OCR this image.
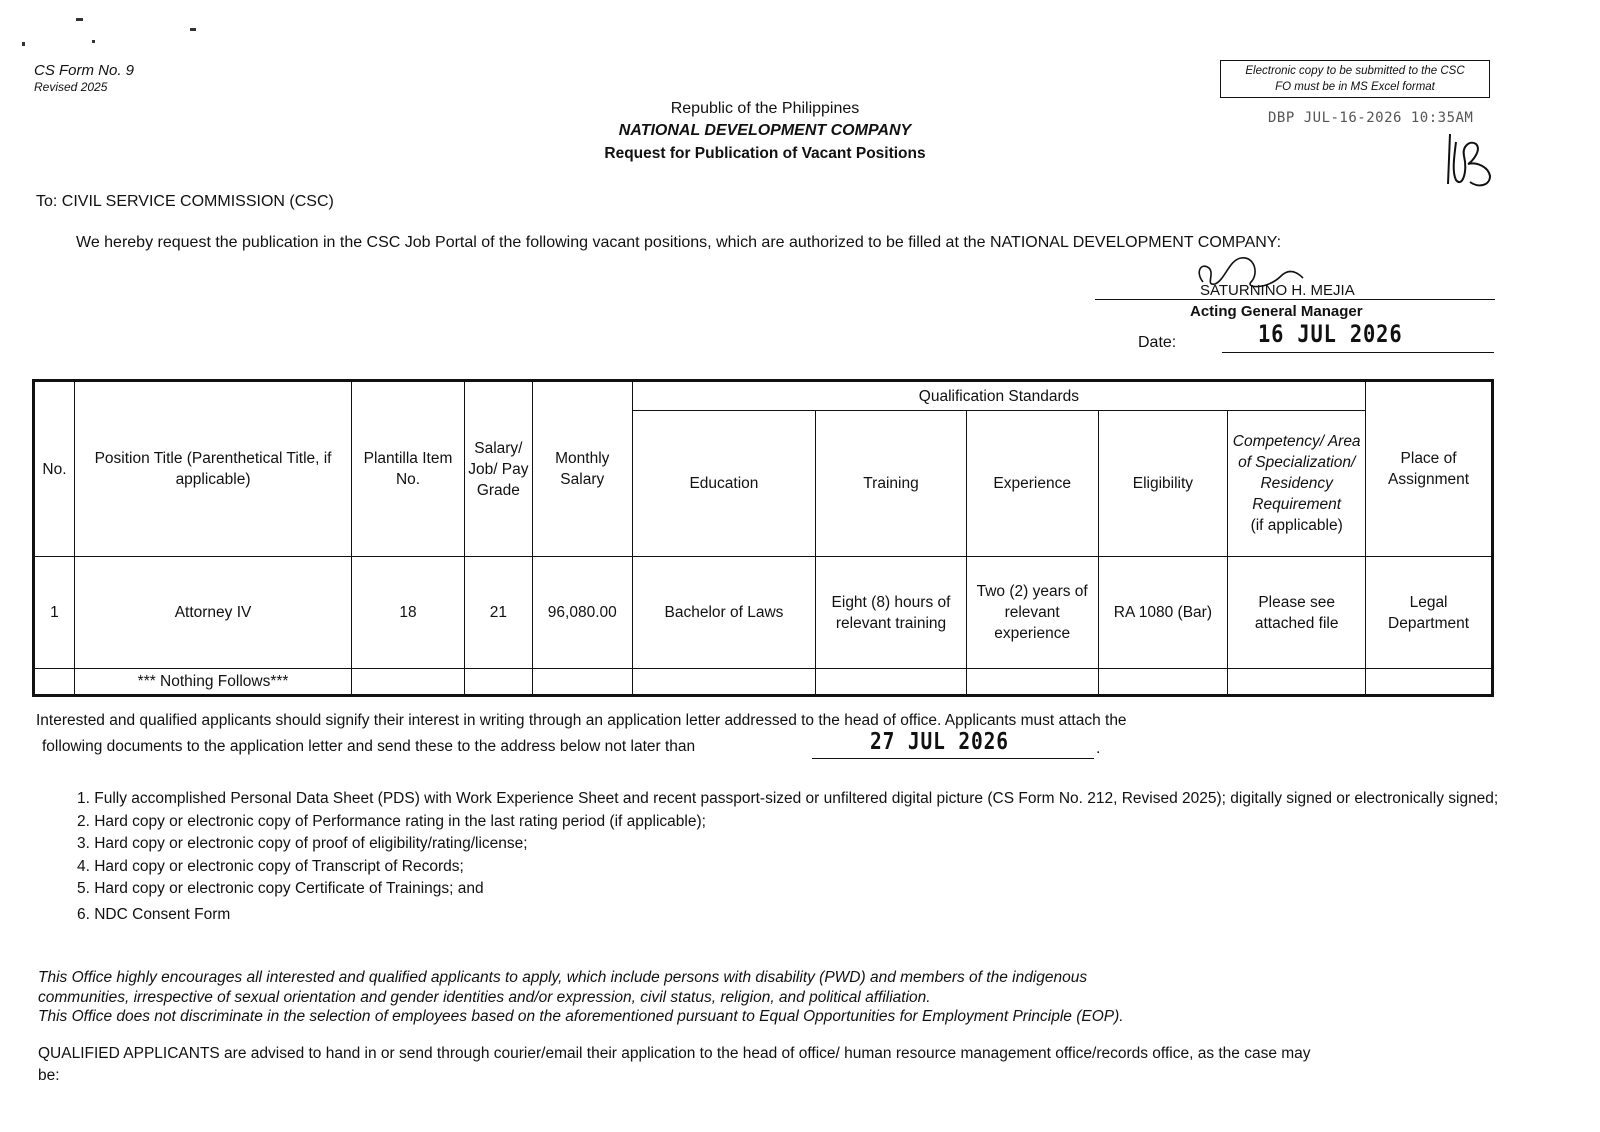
CS Form No. 9
Revised 2025
Electronic copy to be submitted to the CSC
FO must be in MS Excel format
DBP JUL-16-2026 10:35AM
Republic of the Philippines
NATIONAL DEVELOPMENT COMPANY
Request for Publication of Vacant Positions
To: CIVIL SERVICE COMMISSION (CSC)
We hereby request the publication in the CSC Job Portal of the following vacant positions, which are authorized to be filled at the NATIONAL DEVELOPMENT COMPANY:
SATURNINO H. MEJIA
Acting General Manager
Date:	16 JUL 2026
No.	Position Title (Parenthetical Title, if applicable)	Plantilla Item No.	Salary/ Job/ Pay Grade	Monthly Salary	Qualification Standards					Place of Assignment
					Education	Training	Experience	Eligibility	Competency/ Area of Specialization/ Residency Requirement
(if applicable)	
1	Attorney IV	18	21	96,080.00	Bachelor of Laws	Eight (8) hours of relevant training	Two (2) years of relevant experience	RA 1080 (Bar)	Please see attached file	Legal Department
	*** Nothing Follows***									
Interested and qualified applicants should signify their interest in writing through an application letter addressed to the head of office. Applicants must attach the
following documents to the application letter and send these to the address below not later than	27 JUL 2026	.
1. Fully accomplished Personal Data Sheet (PDS) with Work Experience Sheet and recent passport-sized or unfiltered digital picture (CS Form No. 212, Revised 2025); digitally signed or electronically signed;
2. Hard copy or electronic copy of Performance rating in the last rating period (if applicable);
3. Hard copy or electronic copy of proof of eligibility/rating/license;
4. Hard copy or electronic copy of Transcript of Records;
5. Hard copy or electronic copy Certificate of Trainings; and
6. NDC Consent Form
This Office highly encourages all interested and qualified applicants to apply, which include persons with disability (PWD) and members of the indigenous
communities, irrespective of sexual orientation and gender identities and/or expression, civil status, religion, and political affiliation.
This Office does not discriminate in the selection of employees based on the aforementioned pursuant to Equal Opportunities for Employment Principle (EOP).
QUALIFIED APPLICANTS are advised to hand in or send through courier/email their application to the head of office/ human resource management office/records office, as the case may be:
